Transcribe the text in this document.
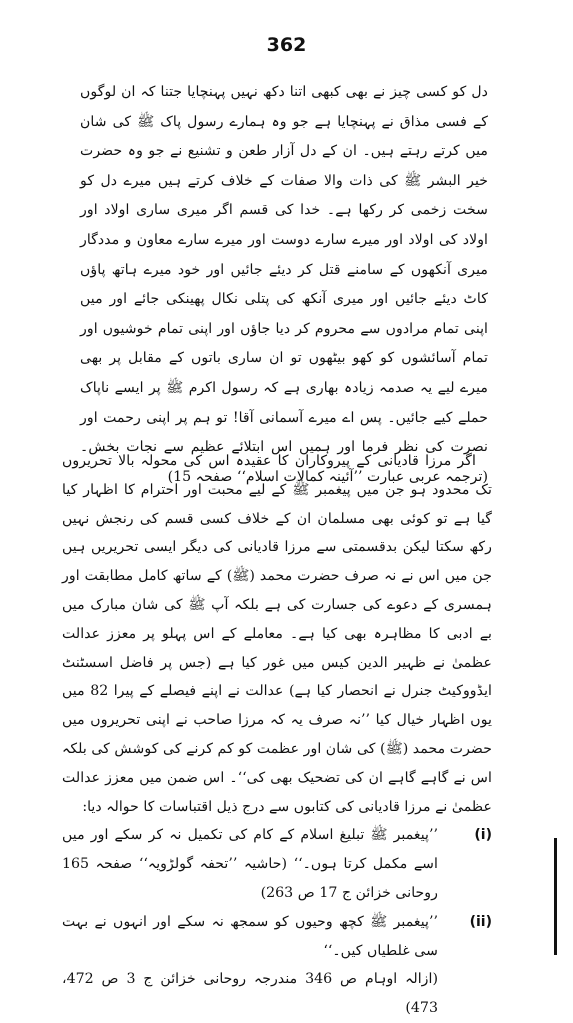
362

دل کو کسی چیز نے بھی کبھی اتنا دکھ نہیں پہنچایا جتنا کہ ان لوگوں کے فسی مذاق نے پہنچایا ہے جو وہ ہمارے رسول پاک ﷺ کی شان میں کرتے رہتے ہیں۔ ان کے دل آزار طعن و تشنیع نے جو وہ حضرت خیر البشر ﷺ کی ذات والا صفات کے خلاف کرتے ہیں میرے دل کو سخت زخمی کر رکھا ہے۔ خدا کی قسم اگر میری ساری اولاد اور اولاد کی اولاد اور میرے سارے دوست اور میرے سارے معاون و مددگار میری آنکھوں کے سامنے قتل کر دیئے جائیں اور خود میرے ہاتھ پاؤں کاٹ دیئے جائیں اور میری آنکھ کی پتلی نکال پھینکی جائے اور میں اپنی تمام مرادوں سے محروم کر دیا جاؤں اور اپنی تمام خوشیوں اور تمام آسائشوں کو کھو بیٹھوں تو ان ساری باتوں کے مقابل پر بھی میرے لیے یہ صدمہ زیادہ بھاری ہے کہ رسول اکرم ﷺ پر ایسے ناپاک حملے کیے جائیں۔ پس اے میرے آسمانی آقا! تو ہم پر اپنی رحمت اور نصرت کی نظر فرما اور ہمیں اس ابتلائے عظیم سے نجات بخش۔ (ترجمہ عربی عبارت ’’آئینہ کمالات اسلام‘‘ صفحہ 15)

اگر مرزا قادیانی کے پیروکاران کا عقیدہ اس کی محولہ بالا تحریروں تک محدود ہو جن میں پیغمبر ﷺ کے لیے محبت اور احترام کا اظہار کیا گیا ہے تو کوئی بھی مسلمان ان کے خلاف کسی قسم کی رنجش نہیں رکھ سکتا لیکن بدقسمتی سے مرزا قادیانی کی دیگر ایسی تحریریں ہیں جن میں اس نے نہ صرف حضرت محمد (ﷺ) کے ساتھ کامل مطابقت اور ہمسری کے دعوے کی جسارت کی ہے بلکہ آپ ﷺ کی شان مبارک میں بے ادبی کا مظاہرہ بھی کیا ہے۔ معاملے کے اس پہلو پر معزز عدالت عظمیٰ نے ظہیر الدین کیس میں غور کیا ہے (جس پر فاضل اسسٹنٹ ایڈووکیٹ جنرل نے انحصار کیا ہے) عدالت نے اپنے فیصلے کے پیرا 82 میں یوں اظہار خیال کیا ’’نہ صرف یہ کہ مرزا صاحب نے اپنی تحریروں میں حضرت محمد (ﷺ) کی شان اور عظمت کو کم کرنے کی کوشش کی بلکہ اس نے گاہے گاہے ان کی تضحیک بھی کی‘‘۔ اس ضمن میں معزز عدالت عظمیٰ نے مرزا قادیانی کی کتابوں سے درج ذیل اقتباسات کا حوالہ دیا:

(i)
’’پیغمبر ﷺ تبلیغ اسلام کے کام کی تکمیل نہ کر سکے اور میں اسے مکمل کرتا ہوں۔‘‘ (حاشیہ ’’تحفہ گولڑویہ‘‘ صفحہ 165 روحانی خزائن ج 17 ص 263)
(ii)
’’پیغمبر ﷺ کچھ وحیوں کو سمجھ نہ سکے اور انہوں نے بہت سی غلطیاں کیں۔‘‘
(ازالہ اوہام ص 346 مندرجہ روحانی خزائن ج 3 ص 472، 473)
